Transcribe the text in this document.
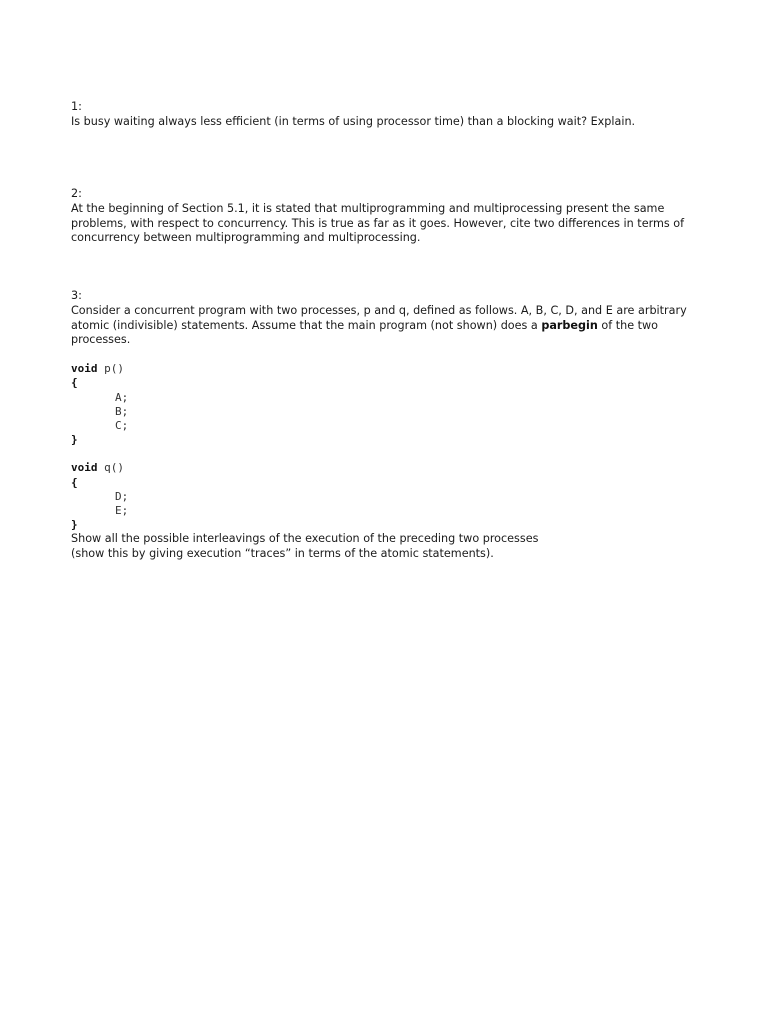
1:
Is busy waiting always less efficient (in terms of using processor time) than a blocking wait? Explain.
2:
At the beginning of Section 5.1, it is stated that multiprogramming and multiprocessing present the same
problems, with respect to concurrency. This is true as far as it goes. However, cite two differences in terms of
concurrency between multiprogramming and multiprocessing.
3:
Consider a concurrent program with two processes, p and q, defined as follows. A, B, C, D, and E are arbitrary
atomic (indivisible) statements. Assume that the main program (not shown) does a parbegin of the two
processes.
void p()
{
A;
B;
C;
}
void q()
{
D;
E;
}
Show all the possible interleavings of the execution of the preceding two processes
(show this by giving execution “traces” in terms of the atomic statements).
